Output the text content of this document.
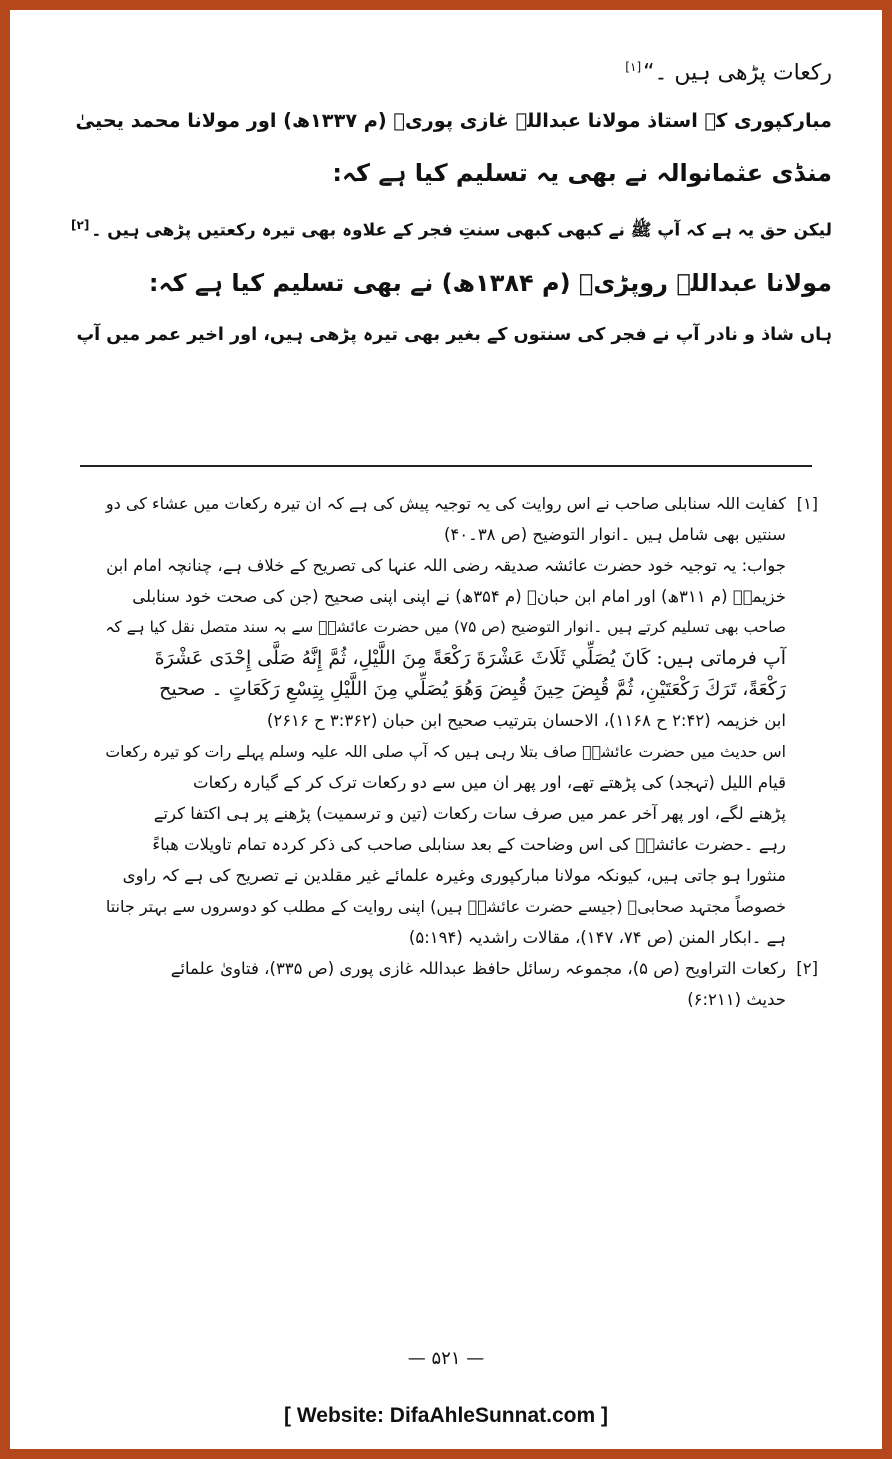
رکعات پڑھی ہیں ۔“[۱]
مبارکپوری کے استاذ مولانا عبداللہ غازی پوریؒ (م ۱۳۳۷ھ) اور مولانا محمد یحییٰ
منڈی عثمانوالہ نے بھی یہ تسلیم کیا ہے کہ:
لیکن حق یہ ہے کہ آپ ﷺ نے کبھی کبھی سنتِ فجر کے علاوہ بھی تیرہ رکعتیں پڑھی ہیں ۔[۲]
مولانا عبداللہ روپڑیؒ (م ۱۳۸۴ھ) نے بھی تسلیم کیا ہے کہ:
ہاں شاذ و نادر آپ نے فجر کی سنتوں کے بغیر بھی تیرہ پڑھی ہیں، اور اخیر عمر میں آپ
[۱]کفایت اللہ سنابلی صاحب نے اس روایت کی یہ توجیہ پیش کی ہے کہ ان تیرہ رکعات میں عشاء کی دو
سنتیں بھی شامل ہیں ۔انوار التوضیح (ص ۳۸۔۴۰)
جواب: یہ توجیہ خود حضرت عائشہ صدیقہ رضی اللہ عنہا کی تصریح کے خلاف ہے، چنانچہ امام ابن
خزیمہؒ (م ۳۱۱ھ) اور امام ابن حبانؒ (م ۳۵۴ھ) نے اپنی اپنی صحیح (جن کی صحت خود سنابلی
صاحب بھی تسلیم کرتے ہیں ۔انوار التوضیح (ص ۷۵) میں حضرت عائشہؓ سے بہ سند متصل نقل کیا ہے کہ
آپ فرماتی ہیں: كَانَ يُصَلِّي ثَلَاثَ عَشْرَةَ رَكْعَةً مِنَ اللَّيْلِ، ثُمَّ إِنَّهُ صَلَّى إِحْدَى عَشْرَةَ
رَكْعَةً، تَرَكَ رَكْعَتَيْنِ، ثُمَّ قُبِضَ حِينَ قُبِضَ وَهُوَ يُصَلِّي مِنَ اللَّيْلِ بِتِسْعِ رَكَعَاتٍ ۔ صحیح
ابن خزیمہ (۲:۴۲ ح ۱۱۶۸)، الاحسان بترتیب صحیح ابن حبان (۳:۳۶۲ ح ۲۶۱۶)
اس حدیث میں حضرت عائشہؓ صاف بتلا رہی ہیں کہ آپ صلی اللہ علیہ وسلم پہلے رات کو تیرہ رکعات
قیام اللیل (تہجد) کی پڑھتے تھے، اور پھر ان میں سے دو رکعات ترک کر کے گیارہ رکعات
پڑھنے لگے، اور پھر آخر عمر میں صرف سات رکعات (تین و ترسمیت) پڑھنے پر ہی اکتفا کرتے
رہے ۔حضرت عائشہؓ کی اس وضاحت کے بعد سنابلی صاحب کی ذکر کردہ تمام تاویلات ھباءً
منثورا ہو جاتی ہیں، کیونکہ مولانا مبارکپوری وغیرہ علمائے غیر مقلدین نے تصریح کی ہے کہ راوی
خصوصاً مجتہد صحابیؓ (جیسے حضرت عائشہؓ ہیں) اپنی روایت کے مطلب کو دوسروں سے بہتر جانتا
ہے ۔ابکار المنن (ص ۷۴، ۱۴۷)، مقالات راشدیہ (۵:۱۹۴)
[۲]رکعات التراویح (ص ۵)، مجموعہ رسائل حافظ عبداللہ غازی پوری (ص ۳۳۵)، فتاویٰ علمائے
حدیث (۶:۲۱۱)
— ۵۲۱ —
[ Website: DifaAhleSunnat.com ]
